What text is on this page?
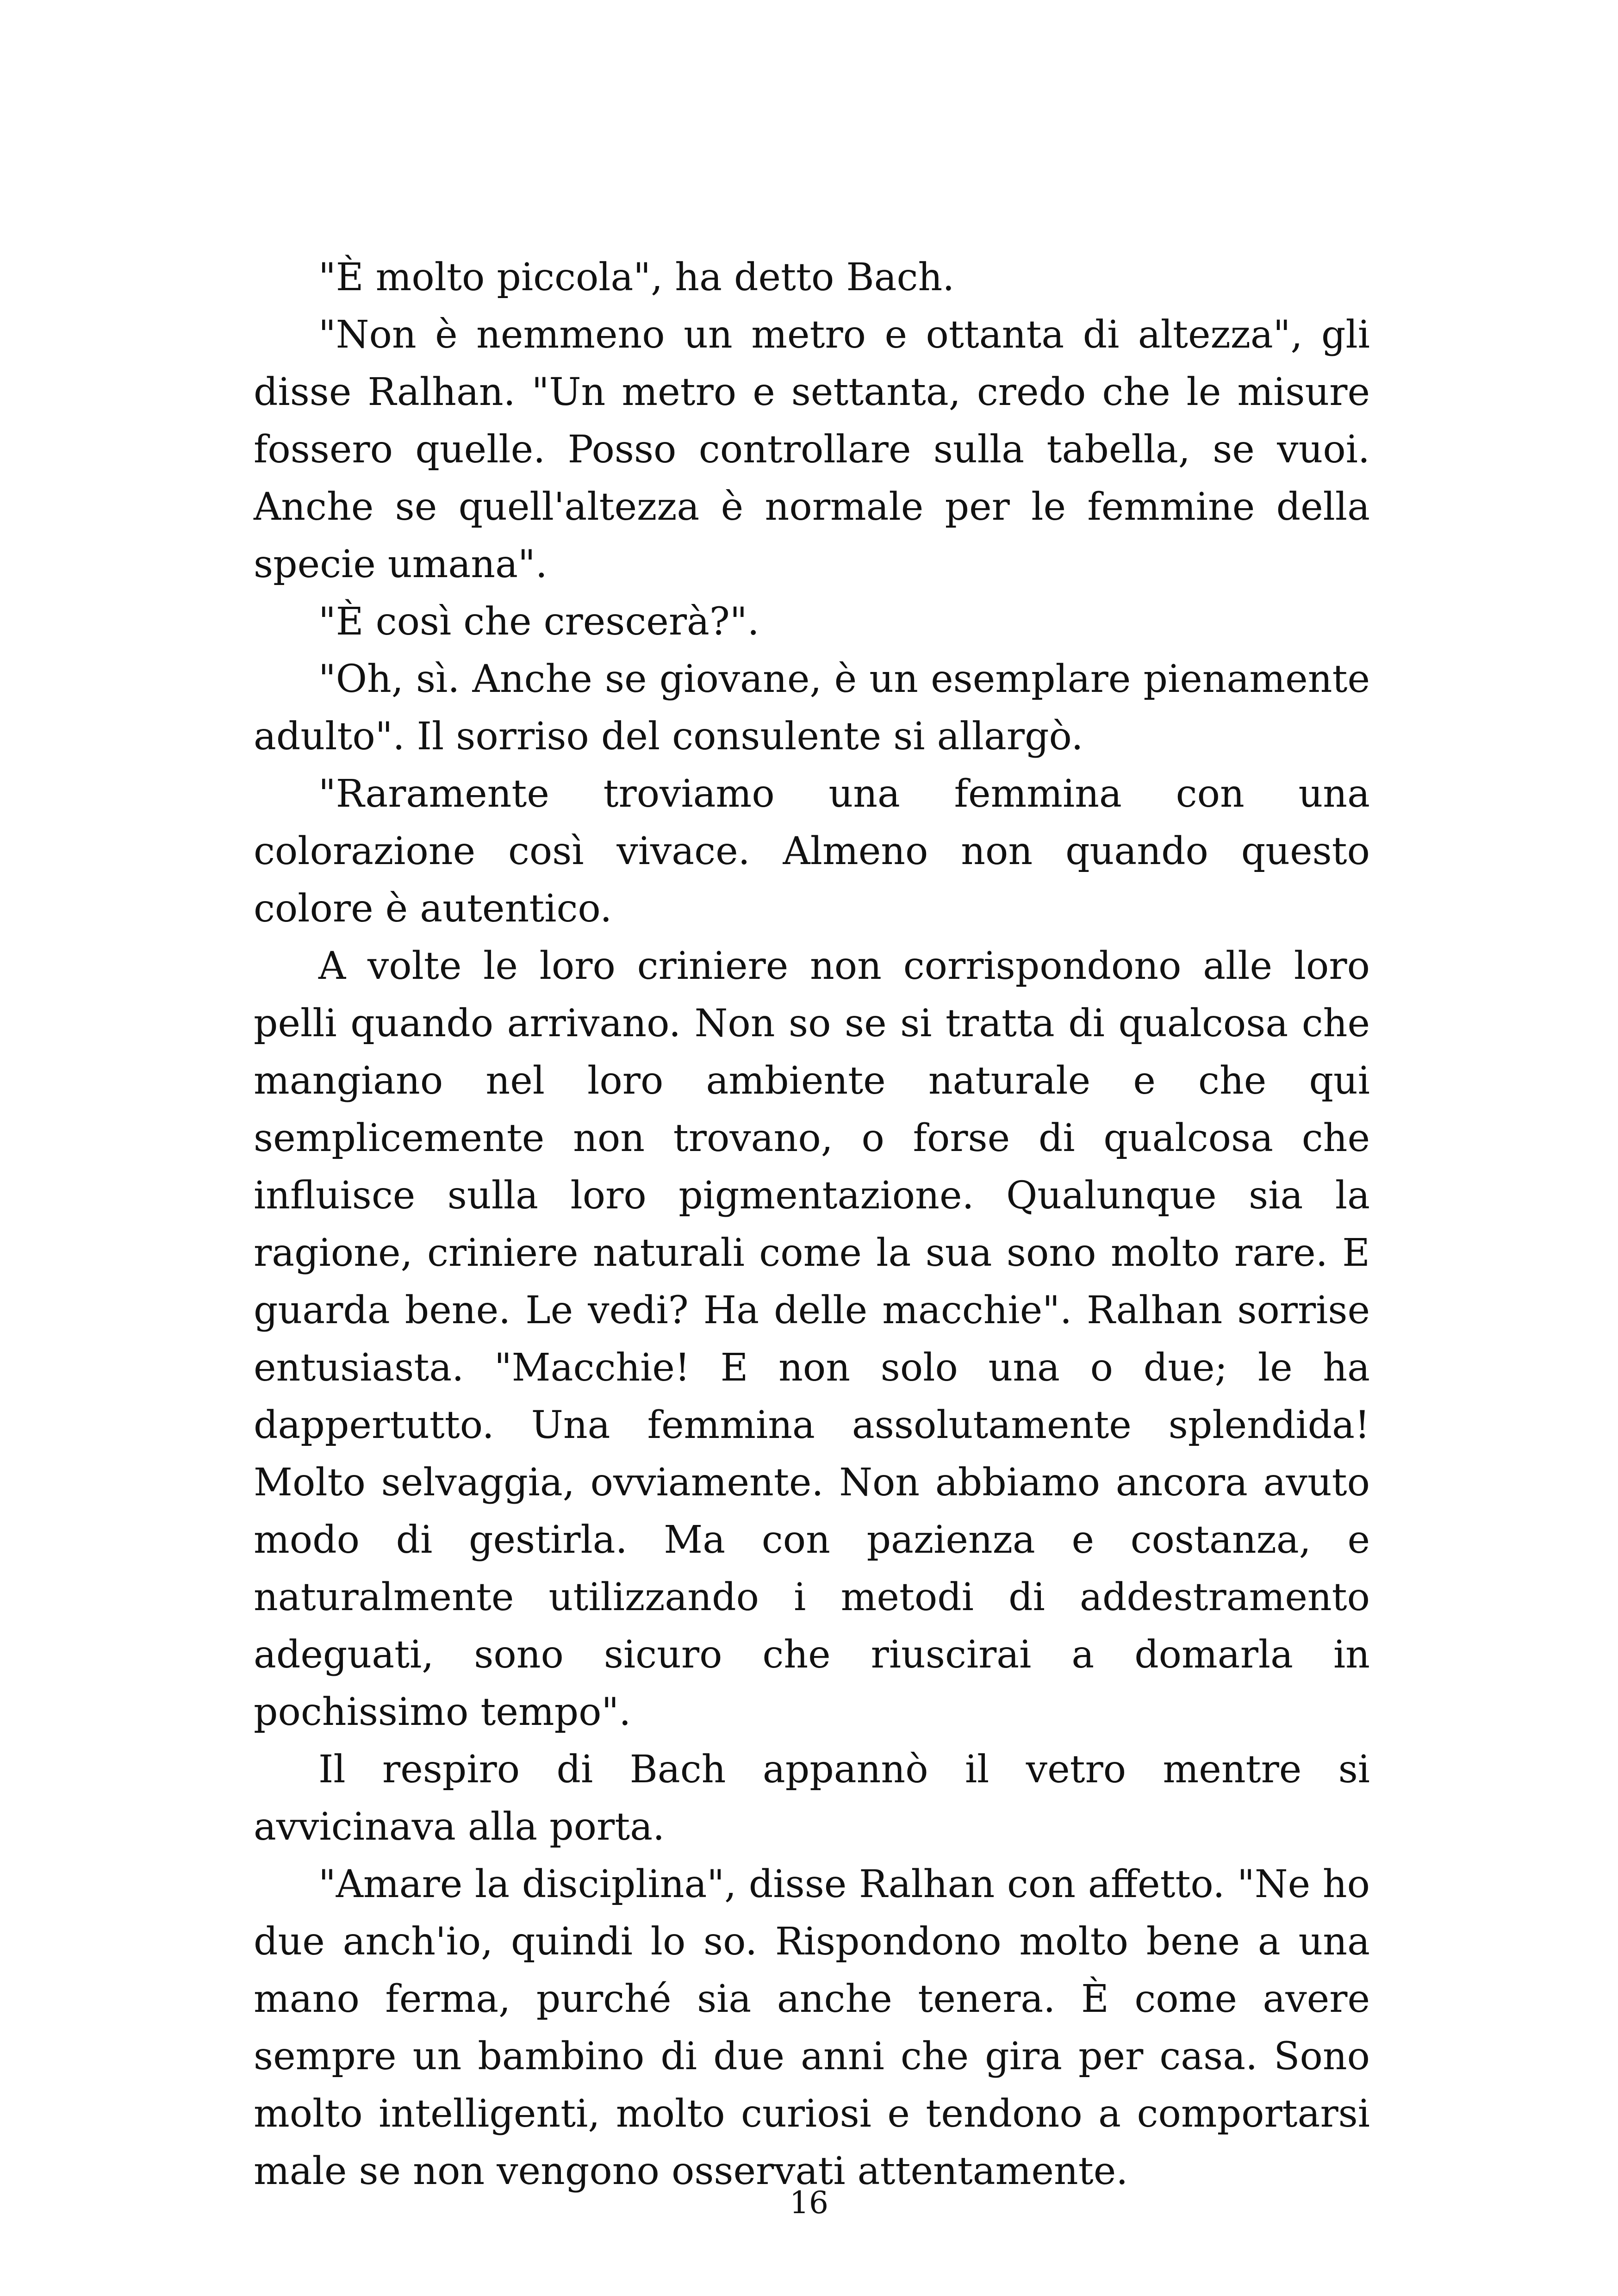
"È molto piccola", ha detto Bach.

"Non è nemmeno un metro e ottanta di altezza", gli disse Ralhan. "Un metro e settanta, credo che le misure fossero quelle. Posso controllare sulla tabella, se vuoi. Anche se quell'altezza è normale per le femmine della specie umana".

"È così che crescerà?".

"Oh, sì. Anche se giovane, è un esemplare pienamente adulto". Il sorriso del consulente si allargò.

"Raramente troviamo una femmina con una colorazione così vivace. Almeno non quando questo colore è autentico.

A volte le loro criniere non corrispondono alle loro pelli quando arrivano. Non so se si tratta di qualcosa che mangiano nel loro ambiente naturale e che qui semplicemente non trovano, o forse di qualcosa che influisce sulla loro pigmentazione. Qualunque sia la ragione, criniere naturali come la sua sono molto rare. E guarda bene. Le vedi? Ha delle macchie". Ralhan sorrise entusiasta. "Macchie! E non solo una o due; le ha dappertutto. Una femmina assolutamente splendida! Molto selvaggia, ovviamente. Non abbiamo ancora avuto modo di gestirla. Ma con pazienza e costanza, e naturalmente utilizzando i metodi di addestramento adeguati, sono sicuro che riuscirai a domarla in pochissimo tempo".

Il respiro di Bach appannò il vetro mentre si avvicinava alla porta.

"Amare la disciplina", disse Ralhan con affetto. "Ne ho due anch'io, quindi lo so. Rispondono molto bene a una mano ferma, purché sia anche tenera. È come avere sempre un bambino di due anni che gira per casa. Sono molto intelligenti, molto curiosi e tendono a comportarsi male se non vengono osservati attentamente.

16
